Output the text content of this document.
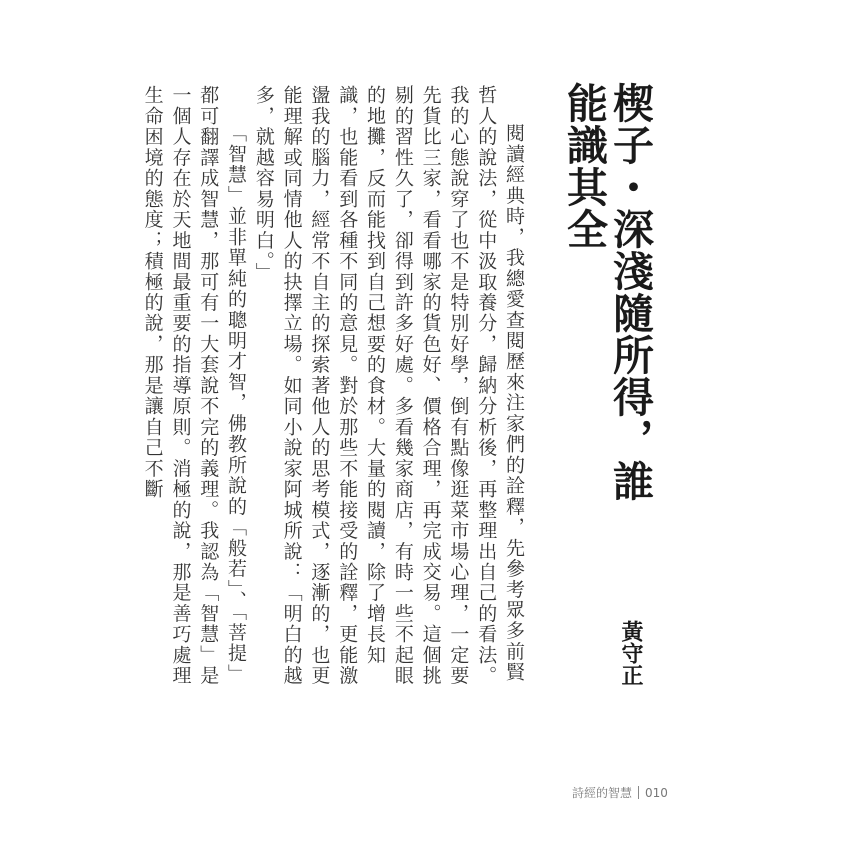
楔子・深淺隨所得，誰能識其全
黃守正

閱讀經典時，我總愛查閱歷來注家們的詮釋，先參考眾多前賢哲人的說法，從中汲取養分，歸納分析後，再整理出自己的看法。我的心態說穿了也不是特別好學，倒有點像逛菜市場心理，一定要先貨比三家，看看哪家的貨色好、價格合理，再完成交易。這個挑剔的習性久了，卻得到許多好處。多看幾家商店，有時一些不起眼的地攤，反而能找到自己想要的食材。大量的閱讀，除了增長知識，也能看到各種不同的意見。對於那些不能接受的詮釋，更能激盪我的腦力，經常不自主的探索著他人的思考模式，逐漸的，也更能理解或同情他人的抉擇立場。如同小說家阿城所說：「明白的越多，就越容易明白。」

「智慧」並非單純的聰明才智，佛教所說的「般若」、「菩提」都可翻譯成智慧，那可有一大套說不完的義理。我認為「智慧」是一個人存在於天地間最重要的指導原則。消極的說，那是善巧處理生命困境的態度；積極的說，那是讓自己不斷

詩經的智慧 010
